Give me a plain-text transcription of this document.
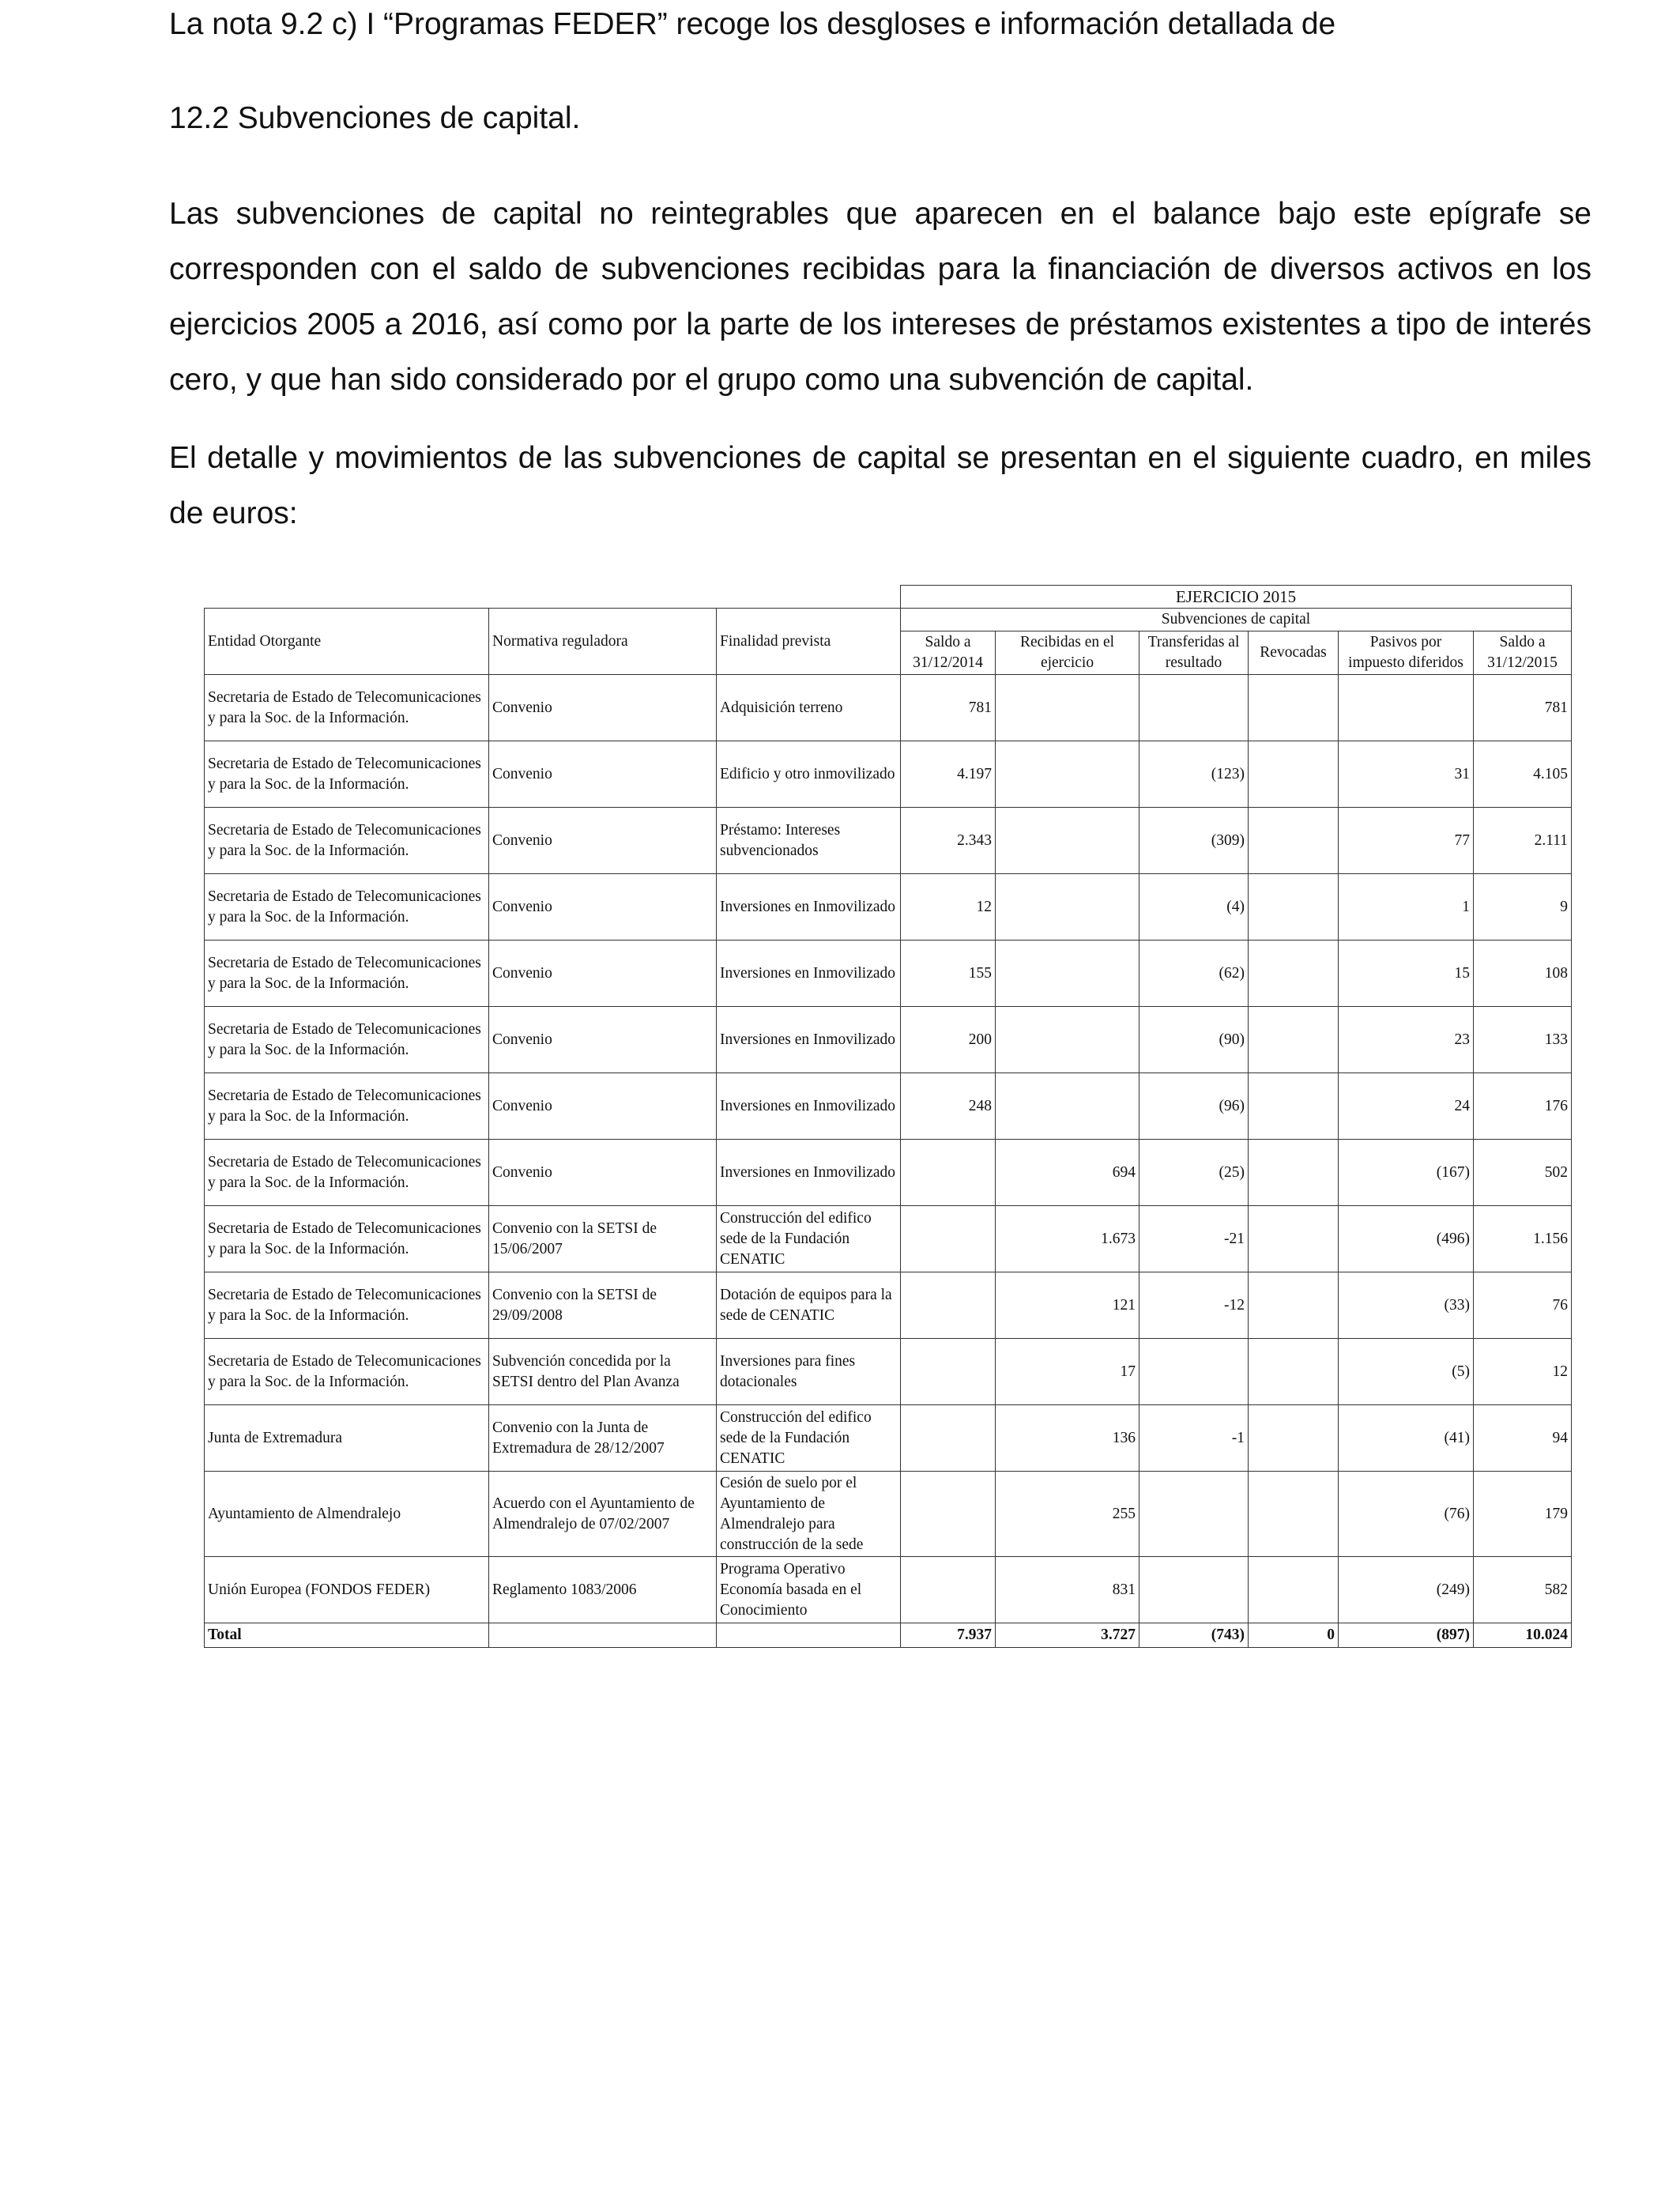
La nota 9.2 c) I “Programas FEDER” recoge los desgloses e información detallada de

12.2 Subvenciones de capital.

Las subvenciones de capital no reintegrables que aparecen en el balance bajo este epígrafe se corresponden con el saldo de subvenciones recibidas para la financiación de diversos activos en los ejercicios 2005 a 2016, así como por la parte de los intereses de préstamos existentes a tipo de interés cero, y que han sido considerado por el grupo como una subvención de capital.

El detalle y movimientos de las subvenciones de capital se presentan en el siguiente cuadro, en miles de euros:

			EJERCICIO 2015					
Entidad Otorgante	Normativa reguladora	Finalidad prevista	Subvenciones de capital					
			Saldo a 31/12/2014	Recibidas en el ejercicio	Transferidas al resultado	Revocadas	Pasivos por impuesto diferidos	Saldo a 31/12/2015

Secretaria de Estado de Telecomunicaciones y para la Soc. de la Información.	Convenio	Adquisición terreno	781					781
Secretaria de Estado de Telecomunicaciones y para la Soc. de la Información.	Convenio	Edificio y otro inmovilizado	4.197		(123)		31	4.105
Secretaria de Estado de Telecomunicaciones y para la Soc. de la Información.	Convenio	Préstamo: Intereses subvencionados	2.343		(309)		77	2.111
Secretaria de Estado de Telecomunicaciones y para la Soc. de la Información.	Convenio	Inversiones en Inmovilizado	12		(4)		1	9
Secretaria de Estado de Telecomunicaciones y para la Soc. de la Información.	Convenio	Inversiones en Inmovilizado	155		(62)		15	108
Secretaria de Estado de Telecomunicaciones y para la Soc. de la Información.	Convenio	Inversiones en Inmovilizado	200		(90)		23	133
Secretaria de Estado de Telecomunicaciones y para la Soc. de la Información.	Convenio	Inversiones en Inmovilizado	248		(96)		24	176
Secretaria de Estado de Telecomunicaciones y para la Soc. de la Información.	Convenio	Inversiones en Inmovilizado		694	(25)		(167)	502
Secretaria de Estado de Telecomunicaciones y para la Soc. de la Información.	Convenio con la SETSI de 15/06/2007	Construcción del edifico sede de la Fundación CENATIC		1.673	-21		(496)	1.156
Secretaria de Estado de Telecomunicaciones y para la Soc. de la Información.	Convenio con la SETSI de 29/09/2008	Dotación de equipos para la sede de CENATIC		121	-12		(33)	76
Secretaria de Estado de Telecomunicaciones y para la Soc. de la Información.	Subvención concedida por la SETSI dentro del Plan Avanza	Inversiones para fines dotacionales		17			(5)	12
Junta de Extremadura	Convenio con la Junta de Extremadura de 28/12/2007	Construcción del edifico sede de la Fundación CENATIC		136	-1		(41)	94
Ayuntamiento de Almendralejo	Acuerdo con el Ayuntamiento de Almendralejo de 07/02/2007	Cesión de suelo por el Ayuntamiento de Almendralejo para construcción de la sede		255			(76)	179
Unión Europea (FONDOS FEDER)	Reglamento 1083/2006	Programa Operativo Economía basada en el Conocimiento		831			(249)	582
Total			7.937	3.727	(743)	0	(897)	10.024
